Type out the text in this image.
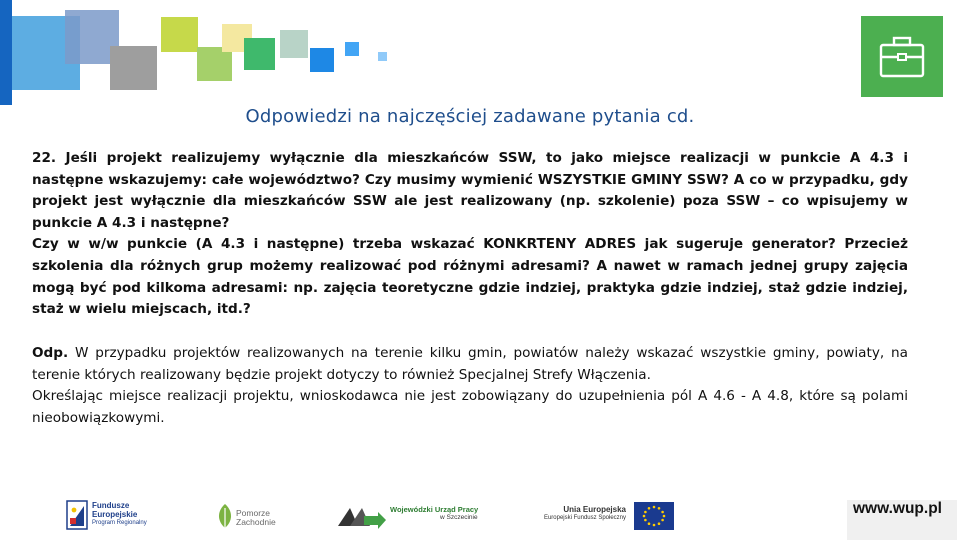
Odpowiedzi na najczęściej zadawane pytania cd.

22. Jeśli projekt realizujemy wyłącznie dla mieszkańców SSW, to jako miejsce realizacji w punkcie A 4.3 i następne wskazujemy: całe województwo? Czy musimy wymienić WSZYSTKIE GMINY SSW? A co w przypadku, gdy projekt jest wyłącznie dla mieszkańców SSW ale jest realizowany (np. szkolenie) poza SSW – co wpisujemy w punkcie A 4.3 i następne?

Czy w w/w punkcie (A 4.3 i następne) trzeba wskazać KONKRTENY ADRES jak sugeruje generator? Przecież szkolenia dla różnych grup możemy realizować pod różnymi adresami? A nawet w ramach jednej grupy zajęcia mogą być pod kilkoma adresami: np. zajęcia teoretyczne gdzie indziej, praktyka gdzie indziej, staż gdzie indziej, staż w wielu miejscach, itd.?

Odp. W przypadku projektów realizowanych na terenie kilku gmin, powiatów należy wskazać wszystkie gminy, powiaty, na terenie których realizowany będzie projekt dotyczy to również Specjalnej Strefy Włączenia.

Określając miejsce realizacji projektu, wnioskodawca nie jest zobowiązany do uzupełnienia pól A 4.6 - A 4.8, które są polami nieobowiązkowymi.

Fundusze
Europejskie
Program Regionalny
Pomorze
Zachodnie
Wojewódzki Urząd Pracy
w Szczecinie
Unia Europejska
Europejski Fundusz Społeczny
www.wup.pl
